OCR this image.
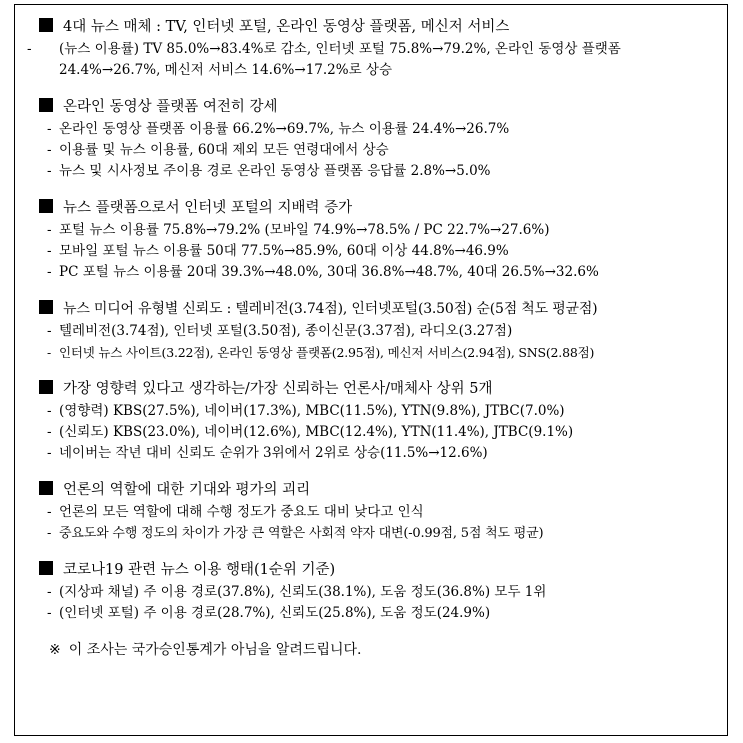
4대 뉴스 매체 : TV, 인터넷 포털, 온라인 동영상 플랫폼, 메신저 서비스
- (뉴스 이용률) TV 85.0%→83.4%로 감소, 인터넷 포털 75.8%→79.2%, 온라인 동영상 플랫폼 24.4%→26.7%, 메신저 서비스 14.6%→17.2%로 상승
온라인 동영상 플랫폼 여전히 강세
- 온라인 동영상 플랫폼 이용률 66.2%→69.7%, 뉴스 이용률 24.4%→26.7%
- 이용률 및 뉴스 이용률, 60대 제외 모든 연령대에서 상승
- 뉴스 및 시사정보 주이용 경로 온라인 동영상 플랫폼 응답률 2.8%→5.0%
뉴스 플랫폼으로서 인터넷 포털의 지배력 증가
- 포털 뉴스 이용률 75.8%→79.2% (모바일 74.9%→78.5% / PC 22.7%→27.6%)
- 모바일 포털 뉴스 이용률 50대 77.5%→85.9%, 60대 이상 44.8%→46.9%
- PC 포털 뉴스 이용률 20대 39.3%→48.0%, 30대 36.8%→48.7%, 40대 26.5%→32.6%
뉴스 미디어 유형별 신뢰도 : 텔레비전(3.74점), 인터넷포털(3.50점) 순(5점 척도 평균점)
- 텔레비전(3.74점), 인터넷 포털(3.50점), 종이신문(3.37점), 라디오(3.27점)
- 인터넷 뉴스 사이트(3.22점), 온라인 동영상 플랫폼(2.95점), 메신저 서비스(2.94점), SNS(2.88점)
가장 영향력 있다고 생각하는/가장 신뢰하는 언론사/매체사 상위 5개
- (영향력) KBS(27.5%), 네이버(17.3%), MBC(11.5%), YTN(9.8%), JTBC(7.0%)
- (신뢰도) KBS(23.0%), 네이버(12.6%), MBC(12.4%), YTN(11.4%), JTBC(9.1%)
- 네이버는 작년 대비 신뢰도 순위가 3위에서 2위로 상승(11.5%→12.6%)
언론의 역할에 대한 기대와 평가의 괴리
- 언론의 모든 역할에 대해 수행 정도가 중요도 대비 낮다고 인식
- 중요도와 수행 정도의 차이가 가장 큰 역할은 사회적 약자 대변(-0.99점, 5점 척도 평균)
코로나19 관련 뉴스 이용 행태(1순위 기준)
- (지상파 채널) 주 이용 경로(37.8%), 신뢰도(38.1%), 도움 정도(36.8%) 모두 1위
- (인터넷 포털) 주 이용 경로(28.7%), 신뢰도(25.8%), 도움 정도(24.9%)
※ 이 조사는 국가승인통계가 아님을 알려드립니다.
